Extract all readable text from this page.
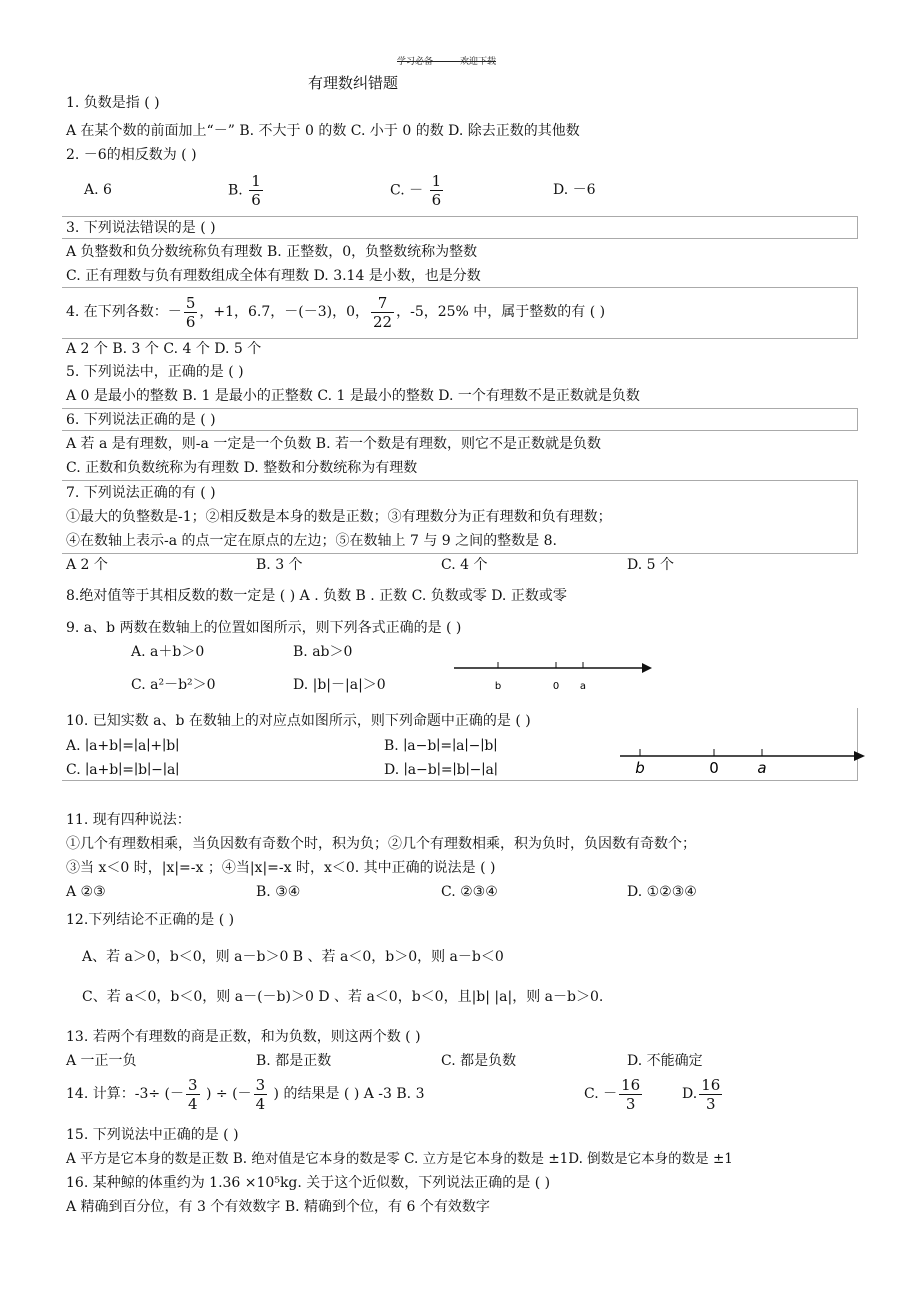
学习必备———欢迎下载
有理数纠错题
1. 负数是指 ( )
A 在某个数的前面加上“－” B. 不大于 0 的数 C. 小于 0 的数 D. 除去正数的其他数
2. －6的相反数为 ( )
A. 6	B. $\frac{1}{6}$	C. － $\frac{1}{6}$	D. －6
3. 下列说法错误的是 ( )
A 负整数和负分数统称负有理数 B. 正整数，0，负整数统称为整数
C. 正有理数与负有理数组成全体有理数 D. 3.14 是小数，也是分数
4. 在下列各数：－ $\frac{5}{6}$ ，+1，6.7，－(－3)，0， $\frac{7}{22}$ ，-5，25% 中，属于整数的有 ( )
A 2 个 B. 3 个 C. 4 个 D. 5 个
5. 下列说法中，正确的是 ( )
A 0 是最小的整数 B. 1 是最小的正整数 C. 1 是最小的整数 D. 一个有理数不是正数就是负数
6. 下列说法正确的是 ( )
A 若 a 是有理数，则-a 一定是一个负数 B. 若一个数是有理数，则它不是正数就是负数
C. 正数和负数统称为有理数 D. 整数和分数统称为有理数
7. 下列说法正确的有 ( )
①最大的负整数是-1；②相反数是本身的数是正数；③有理数分为正有理数和负有理数；
④在数轴上表示-a 的点一定在原点的左边；⑤在数轴上 7 与 9 之间的整数是 8.
A 2 个	B. 3 个	C. 4 个	D. 5 个
8.绝对值等于其相反数的数一定是 ( ) A . 负数 B . 正数 C. 负数或零 D. 正数或零
9. a、b 两数在数轴上的位置如图所示，则下列各式正确的是 ( )
A. a＋b＞0	B. ab＞0
C. a²－b²＞0	D. |b|－|a|＞0	b	0 a
10. 已知实数 a、b 在数轴上的对应点如图所示，则下列命题中正确的是 ( )
A. ∣a+b∣=∣a∣+∣b∣	B. ∣a−b∣=∣a∣−∣b∣
C. ∣a+b∣=∣b∣−∣a∣	D. ∣a−b∣=∣b∣−∣a∣	b	0	a
11. 现有四种说法：
①几个有理数相乘，当负因数有奇数个时，积为负；②几个有理数相乘，积为负时，负因数有奇数个；
③当 x＜0 时，|x|=-x ；④当|x|=-x 时，x＜0. 其中正确的说法是 ( )
A ②③	B. ③④	C. ②③④	D. ①②③④
12.下列结论不正确的是 ( )
A、若 a＞0，b＜0，则 a－b＞0 B 、若 a＜0，b＞0，则 a－b＜0
C、若 a＜0，b＜0，则 a－(－b)＞0 D 、若 a＜0，b＜0，且|b| |a|，则 a－b＞0.
13. 若两个有理数的商是正数，和为负数，则这两个数 ( )
A 一正一负	B. 都是正数	C. 都是负数	D. 不能确定
14. 计算：-3÷ (－ $\frac{3}{4}$ ) ÷ (－ $\frac{3}{4}$ ) 的结果是 ( ) A -3 B. 3	C. － $\frac{16}{3}$	D. $\frac{16}{3}$
15. 下列说法中正确的是 ( )
A 平方是它本身的数是正数 B. 绝对值是它本身的数是零 C. 立方是它本身的数是 ±1D. 倒数是它本身的数是 ±1
16. 某种鲸的体重约为 1.36 ×10⁵kg. 关于这个近似数，下列说法正确的是 ( )
A 精确到百分位，有 3 个有效数字 B. 精确到个位，有 6 个有效数字
